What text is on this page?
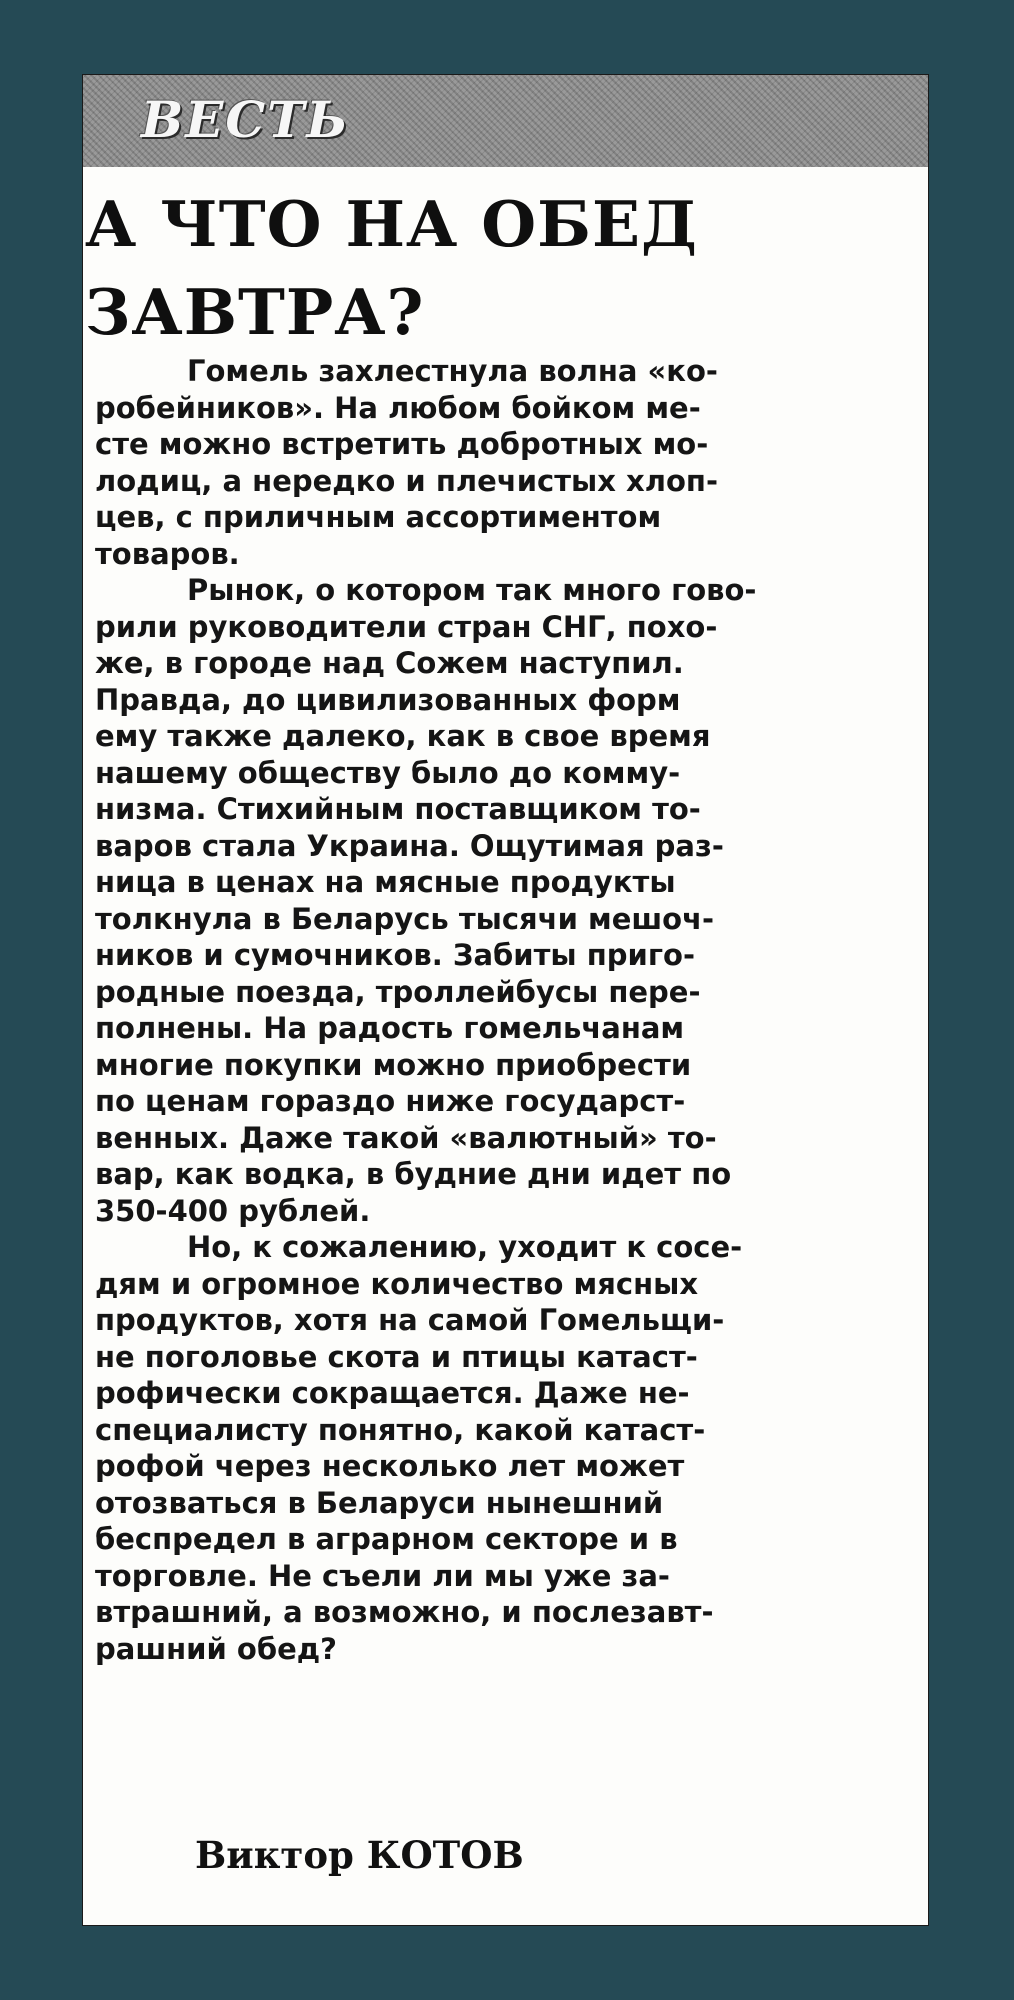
ВЕСТЬ
А ЧТО НА ОБЕД
ЗАВТРА?

Гомель захлестнула волна «ко-
робейников». На любом бойком ме-
сте можно встретить добротных мо-
лодиц, а нередко и плечистых хлоп-
цев, с приличным ассортиментом
товаров.

Рынок, о котором так много гово-
рили руководители стран СНГ, похо-
же, в городе над Сожем наступил.
Правда, до цивилизованных форм
ему также далеко, как в свое время
нашему обществу было до комму-
низма. Стихийным поставщиком то-
варов стала Украина. Ощутимая раз-
ница в ценах на мясные продукты
толкнула в Беларусь тысячи мешоч-
ников и сумочников. Забиты приго-
родные поезда, троллейбусы пере-
полнены. На радость гомельчанам
многие покупки можно приобрести
по ценам гораздо ниже государст-
венных. Даже такой «валютный» то-
вар, как водка, в будние дни идет по
350-400 рублей.

Но, к сожалению, уходит к сосе-
дям и огромное количество мясных
продуктов, хотя на самой Гомельщи-
не поголовье скота и птицы катаст-
рофически сокращается. Даже не-
специалисту понятно, какой катаст-
рофой через несколько лет может
отозваться в Беларуси нынешний
беспредел в аграрном секторе и в
торговле. Не съели ли мы уже за-
втрашний, а возможно, и послезавт-
рашний обед?

Виктор КОТОВ
